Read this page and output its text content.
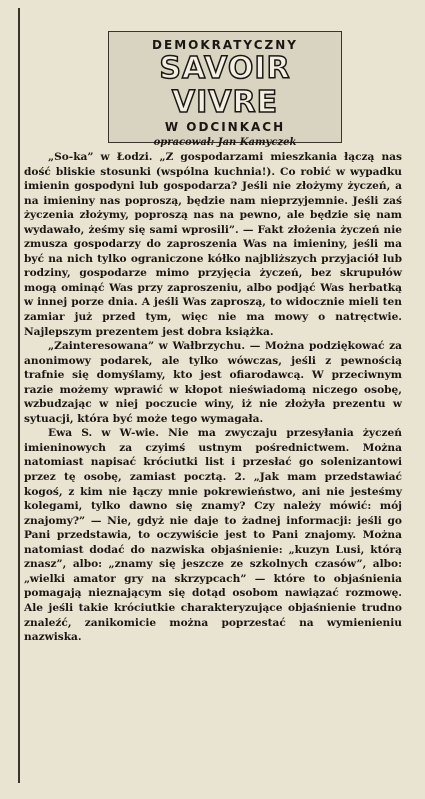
DEMOKRATYCZNY
SAVOIR VIVRE
W ODCINKACH
opracował: Jan Kamyczek

„So-ka” w Łodzi. „Z gospodarzami mieszkania łączą nas dość bliskie stosunki (wspólna kuchnia!). Co robić w wypadku imienin gospodyni lub gospodarza? Jeśli nie złożymy życzeń, a na imieniny nas poproszą, będzie nam nieprzyjemnie. Jeśli zaś życzenia złożymy, poproszą nas na pewno, ale będzie się nam wydawało, żeśmy się sami wprosili”. — Fakt złożenia życzeń nie zmusza gospodarzy do zaproszenia Was na imieniny, jeśli ma być na nich tylko ograniczone kółko najbliższych przyjaciół lub rodziny, gospodarze mimo przyjęcia życzeń, bez skrupułów mogą ominąć Was przy zaproszeniu, albo podjąć Was herbatką w innej porze dnia. A jeśli Was zaproszą, to widocznie mieli ten zamiar już przed tym, więc nie ma mowy o natręctwie. Najlepszym prezentem jest dobra książka.

„Zainteresowana” w Wałbrzychu. — Można podziękować za anonimowy podarek, ale tylko wówczas, jeśli z pewnością trafnie się domyślamy, kto jest ofiarodawcą. W przeciwnym razie możemy wprawić w kłopot nieświadomą niczego osobę, wzbudzając w niej poczucie winy, iż nie złożyła prezentu w sytuacji, która być może tego wymagała.

Ewa S. w W-wie. Nie ma zwyczaju przesyłania życzeń imieninowych za czyimś ustnym pośrednictwem. Można natomiast napisać króciutki list i przesłać go solenizantowi przez tę osobę, zamiast pocztą. 2. „Jak mam przedstawiać kogoś, z kim nie łączy mnie pokrewieństwo, ani nie jesteśmy kolegami, tylko dawno się znamy? Czy należy mówić: mój znajomy?” — Nie, gdyż nie daje to żadnej informacji: jeśli go Pani przedstawia, to oczywiście jest to Pani znajomy. Można natomiast dodać do nazwiska objaśnienie: „kuzyn Lusi, którą znasz”, albo: „znamy się jeszcze ze szkolnych czasów”, albo: „wielki amator gry na skrzypcach” — które to objaśnienia pomagają nieznającym się dotąd osobom nawiązać rozmowę. Ale jeśli takie króciutkie charakteryzujące objaśnienie trudno znaleźć, zanikomicie można poprzestać na wymienieniu nazwiska.
